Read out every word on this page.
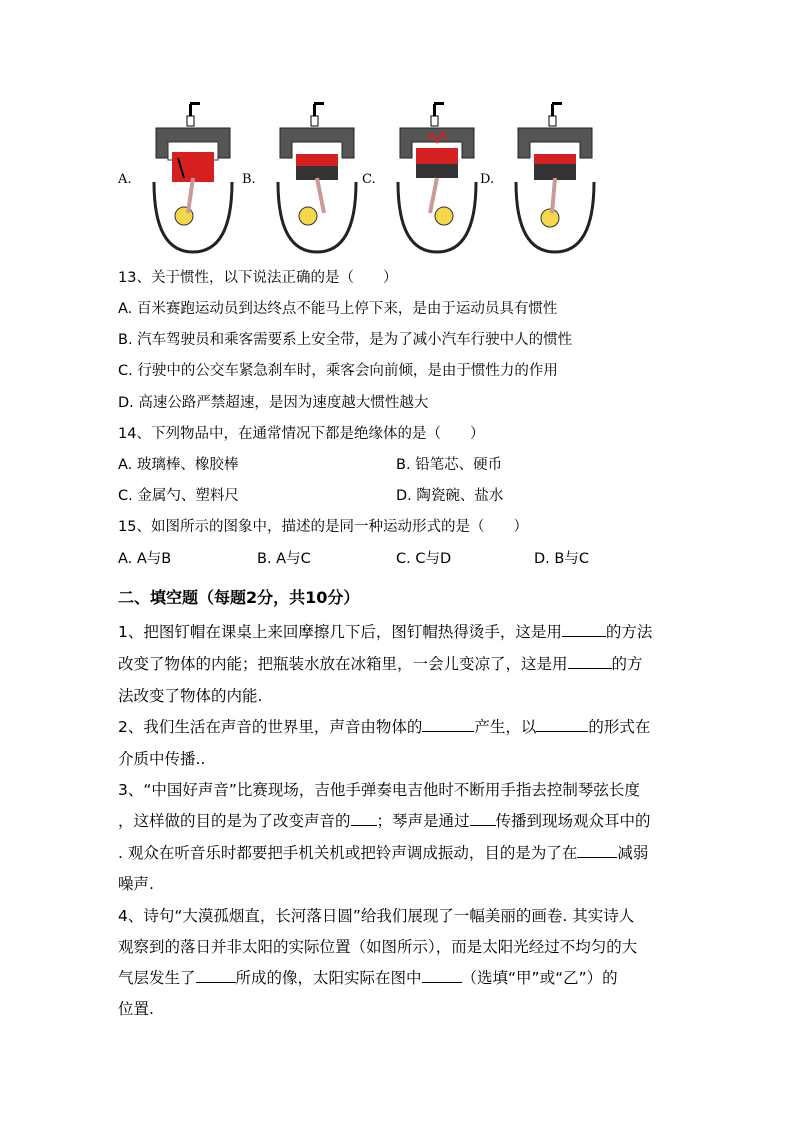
A.	B.	C.	D.
13、关于惯性，以下说法正确的是（　　）
A. 百米赛跑运动员到达终点不能马上停下来，是由于运动员具有惯性
B. 汽车驾驶员和乘客需要系上安全带，是为了减小汽车行驶中人的惯性
C. 行驶中的公交车紧急刹车时，乘客会向前倾，是由于惯性力的作用
D. 高速公路严禁超速，是因为速度越大惯性越大
14、下列物品中，在通常情况下都是绝缘体的是（　　）
A. 玻璃棒、橡胶棒	B. 铅笔芯、硬币
C. 金属勺、塑料尺	D. 陶瓷碗、盐水
15、如图所示的图象中，描述的是同一种运动形式的是（　　）
A. A与B	B. A与C	C. C与D	D. B与C
二、填空题（每题2分，共10分）
1、把图钉帽在课桌上来回摩擦几下后，图钉帽热得烫手，这是用	的方法
改变了物体的内能；把瓶装水放在冰箱里，一会儿变凉了，这是用	的方
法改变了物体的内能.
2、我们生活在声音的世界里，声音由物体的	产生，以	的形式在
介质中传播..
3、“中国好声音”比赛现场，吉他手弹奏电吉他时不断用手指去控制琴弦长度
，这样做的目的是为了改变声音的 ；琴声是通过 传播到现场观众耳中的
. 观众在听音乐时都要把手机关机或把铃声调成振动，目的是为了在	减弱
噪声.
4、诗句“大漠孤烟直，长河落日圆”给我们展现了一幅美丽的画卷. 其实诗人
观察到的落日并非太阳的实际位置（如图所示），而是太阳光经过不均匀的大
气层发生了	所成的像，太阳实际在图中	（选填“甲”或“乙”）的
位置.
